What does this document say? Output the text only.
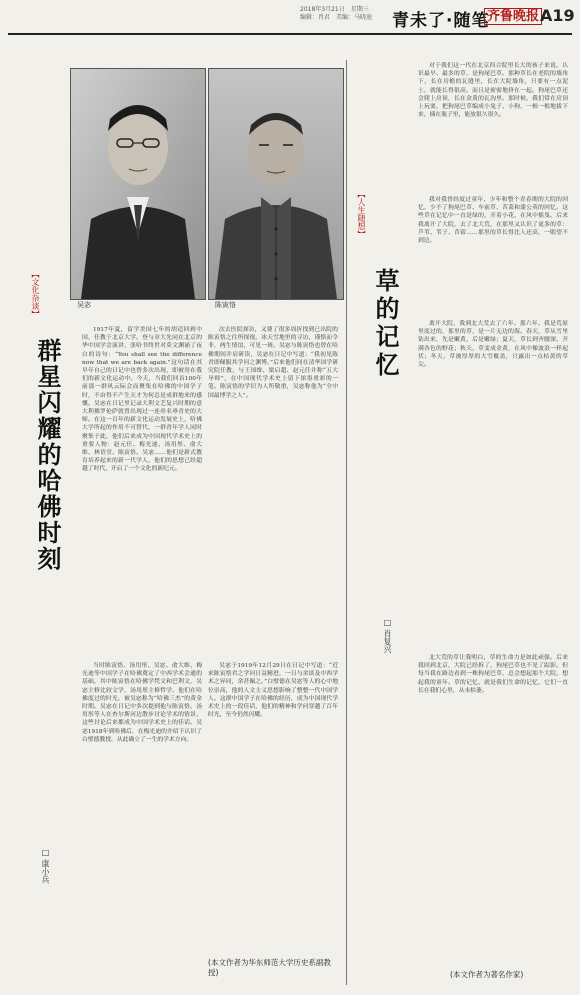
2018年3月21日　星期三
编辑：肖君　美编：马晓迪 青未了·随笔
齐鲁晚报 A19
吴宓	陈寅恪
【文化杂谈】
群星闪耀的哈佛时刻
□ 康小兵

1917年夏，留学美国七年的胡适回到中国，任教于北京大学。登与章大先同在北京的华中国学会演讲，张哈书终世对莫文渊诵了夜白的诗句：“You shall see the difference now that we are back again.”这句话在其早年自己的日记中也曾多次出现，即被用在我们的新文化运动中。今天，当我们回首100年前那一群风云际会而聚集在哈佛的中国学子时，不由得不产生天才为何总是成群地来的感慨。吴宓在日记里记录大利文艺复兴时期的意大利佛罗伦萨就曾出现过一连串名垂青史的大师。在这一百年的新文化运动发展史上，哈佛大学所起的作用不可替代，一群青年学人同时聚集于此，他们后来成为中国现代学术史上的重要人物：赵元任、梅光迪、汤用彤、俞大维、林语堂、陈寅恪、吴宓……他们是新式教育培养起来的新一代学人，他们的思想已经超越了时代，开启了一个文化的新纪元。

当时陈寅恪、汤用彤、吴宓、俞大维、梅光迪等中国学子在哈佛奠定了中西学术会通的基础，其中陈寅恪在哈佛学梵文和巴利文，吴宓主修比较文学，汤用彤主修哲学。他们在哈佛度过的时光，被吴宓称为“哈佛三杰”的黄金时期。吴宓在日记中多次提到他与陈寅恪、汤用彤等人在查尔斯河边散步讨论学术的情景，这些讨论后来都成为中国学术史上的佳话。吴宓1918年到哈佛后，在梅光迪的介绍下认识了白璧德教授，从此确立了一生的学术方向。

次去医院探访，又费了很多周折找到已出院的陈寅恪之住所探视。冰天雪地里的寻访，谨慎而令非，两生情谊，可见一斑。吴宓与陈寅恪也曾在哈佛期间并肩研读，吴宓在日记中写道：“我初见陈君即佩服其学问之渊博。”后来他们同在清华国学研究院任教，与王国维、梁启超、赵元任并称“五大导师”，在中国现代学术史上留下浓墨重彩的一笔。陈寅恪的学识为人所敬重，吴宓称他为“全中国最博学之人”。

吴宓于1919年12月29日在日记中写道：“近来陈寅恪君之学问日益精进，一日与余谈及中西学术之异同，余甚佩之。”白璧德在吴宓等人的心中地位崇高，他的人文主义思想影响了整整一代中国学人。这群中国学子在哈佛的经历，成为中国现代学术史上的一段佳话，他们的精神和学问穿越了百年时光，至今仍然闪耀。

(本文作者为华东师范大学历史系副教授)
【人生随想】
草的记忆
□ 肖复兴

对于我们这一代在北京四合院里长大的孩子来说，认识最早、最多的草，是狗尾巴草。那种草长在老院的墙角下，长在房檐的瓦缝里，长在大院墙角，只要有一点泥土，就能长得很高，而且是密密地挤在一起。狗尾巴草还会爬上房顶，长在金黄的瓦沟里。那时候，我们常在房顶上玩耍，把狗尾巴草编成小兔子、小狗，一根一根地拔下来，插在瓶子里，能放很久很久。

我对我曾经度过童年、少年和整个青春期的大院的回忆，少不了狗尾巴草、车前草、苦菜和蒲公英的回忆。这些草在记忆中一直是绿的，开着小花，在风中摇曳。后来我离开了大院，去了北大荒，在那里又认识了更多的草：芦苇、苇子、苜蓿……那里的草长得比人还高，一眼望不到边。

离开大院，我到北大荒去了六年。那六年，我是荒原里度过的，那里的草，是一片无边的海。春天，草从雪里钻出来，先是嫩黄，后是嫩绿；夏天，草长到齐腰深，开满各色的野花；秋天，草变成金黄，在风中像波浪一样起伏；冬天，草被厚厚的大雪覆盖，只露出一点枯黄的草尖。

北大荒的草让我明白，草的生命力是如此顽强。后来我回到北京，大院已经拆了，狗尾巴草也不见了踪影。但每当我在路边看到一株狗尾巴草，总会想起那个大院，想起我的童年。草的记忆，就是我们生命的记忆，它们一直长在我们心里，从未枯萎。

(本文作者为著名作家)
